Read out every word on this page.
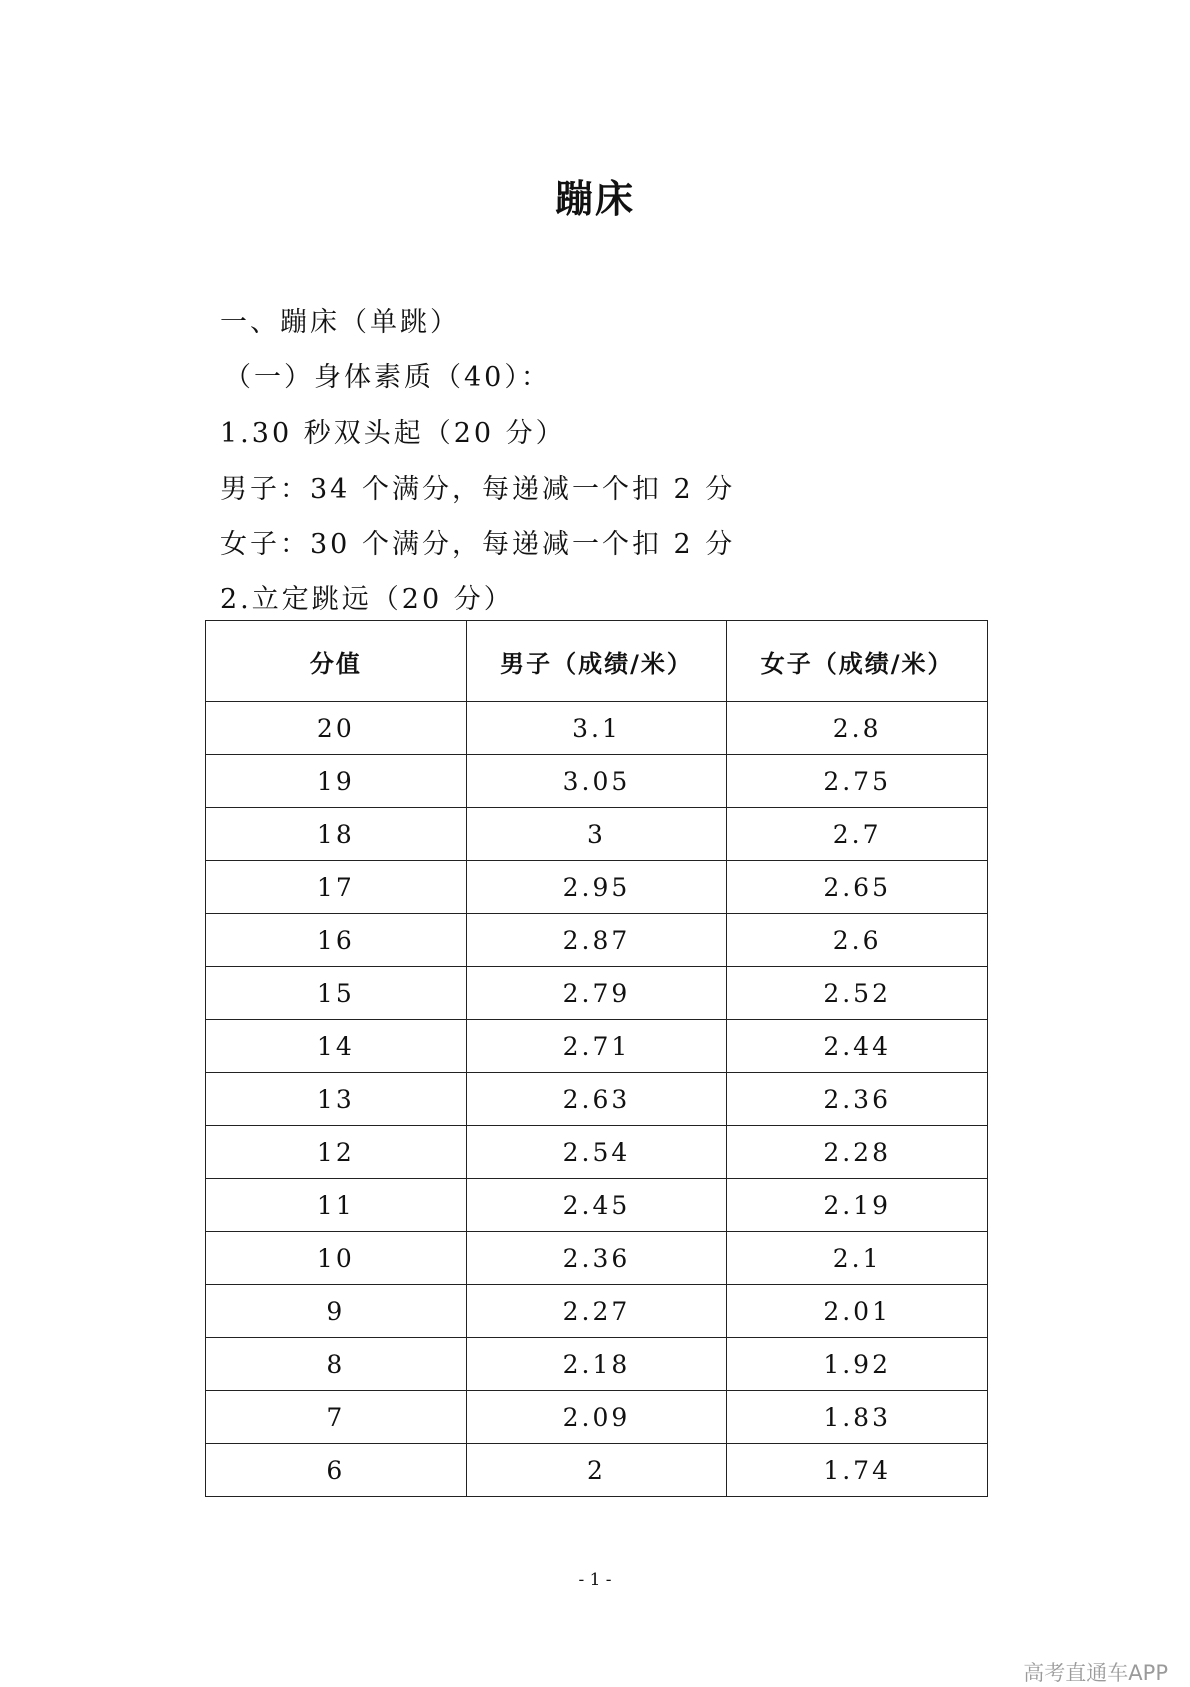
蹦床
一、蹦床（单跳）
（一）身体素质（40）：
1.30 秒双头起（20 分）
男子：34 个满分，每递减一个扣 2 分
女子：30 个满分，每递减一个扣 2 分
2.立定跳远（20 分）
分值	男子（成绩/米）	女子（成绩/米）
20	3.1	2.8
19	3.05	2.75
18	3	2.7
17	2.95	2.65
16	2.87	2.6
15	2.79	2.52
14	2.71	2.44
13	2.63	2.36
12	2.54	2.28
11	2.45	2.19
10	2.36	2.1
9	2.27	2.01
8	2.18	1.92
7	2.09	1.83
6	2	1.74
- 1 -
高考直通车APP
